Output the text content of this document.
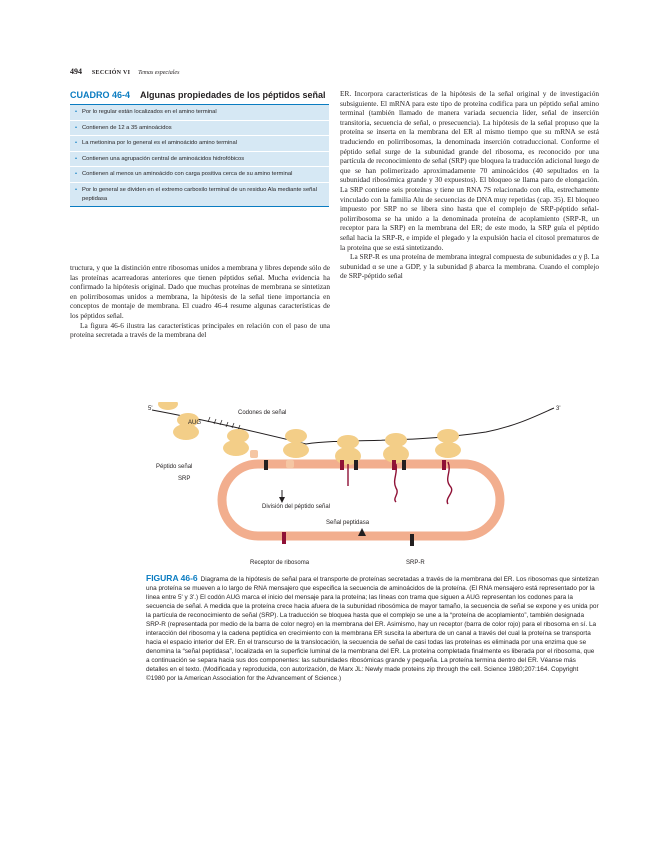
494 SECCIÓN VI Temas especiales
CUADRO 46-4 Algunas propiedades de los péptidos señal
• Por lo regular están localizados en el amino terminal
• Contienen de 12 a 35 aminoácidos
• La metionina por lo general es el aminoácido amino terminal
• Contienen una agrupación central de aminoácidos hidrofóbicos
• Contienen al menos un aminoácido con carga positiva cerca de su amino terminal
• Por lo general se dividen en el extremo carboxilo terminal de un residuo Ala mediante señal peptidasa

tructura, y que la distinción entre ribosomas unidos a membrana y libres depende sólo de las proteínas acarreadoras anteriores que tienen péptidos señal. Mucha evidencia ha confirmado la hipótesis original. Dado que muchas proteínas de membrana se sintetizan en polirribosomas unidos a membrana, la hipótesis de la señal tiene importancia en conceptos de montaje de membrana. El cuadro 46-4 resume algunas características de los péptidos señal.

La figura 46-6 ilustra las características principales en relación con el paso de una proteína secretada a través de la membrana del

ER. Incorpora características de la hipótesis de la señal original y de investigación subsiguiente. El mRNA para este tipo de proteína codifica para un péptido señal amino terminal (también llamado de manera variada secuencia líder, señal de inserción transitoria, secuencia de señal, o presecuencia). La hipótesis de la señal propuso que la proteína se inserta en la membrana del ER al mismo tiempo que su mRNA se está traduciendo en polirribosomas, la denominada inserción cotraduccional. Conforme el péptido señal surge de la subunidad grande del ribosoma, es reconocido por una partícula de reconocimiento de señal (SRP) que bloquea la traducción adicional luego de que se han polimerizado aproximadamente 70 aminoácidos (40 sepultados en la subunidad ribosómica grande y 30 expuestos). El bloqueo se llama paro de elongación. La SRP contiene seis proteínas y tiene un RNA 7S relacionado con ella, estrechamente vinculado con la familia Alu de secuencias de DNA muy repetidas (cap. 35). El bloqueo impuesto por SRP no se libera sino hasta que el complejo de SRP-péptido señal-polirribosoma se ha unido a la denominada proteína de acoplamiento (SRP-R, un receptor para la SRP) en la membrana del ER; de este modo, la SRP guía el péptido señal hacia la SRP-R, e impide el plegado y la expulsión hacia el citosol prematuros de la proteína que se está sintetizando.

La SRP-R es una proteína de membrana integral compuesta de subunidades α y β. La subunidad α se une a GDP, y la subunidad β abarca la membrana. Cuando el complejo de SRP-péptido señal

5'	3'
AUG
Codones de señal
Péptido señal
SRP
División del péptido señal
Señal peptidasa
Receptor de ribosoma	SRP-R
FIGURA 46-6 Diagrama de la hipótesis de señal para el transporte de proteínas secretadas a través de la membrana del ER. Los ribosomas que sintetizan una proteína se mueven a lo largo de RNA mensajero que especifica la secuencia de aminoácidos de la proteína. (El RNA mensajero está representado por la línea entre 5' y 3'.) El codón AUG marca el inicio del mensaje para la proteína; las líneas con trama que siguen a AUG representan los codones para la secuencia de señal. A medida que la proteína crece hacia afuera de la subunidad ribosómica de mayor tamaño, la secuencia de señal se expone y es unida por la partícula de reconocimiento de señal (SRP). La traducción se bloquea hasta que el complejo se une a la “proteína de acoplamiento”, también designada SRP-R (representada por medio de la barra de color negro) en la membrana del ER. Asimismo, hay un receptor (barra de color rojo) para el ribosoma en sí. La interacción del ribosoma y la cadena peptídica en crecimiento con la membrana ER suscita la abertura de un canal a través del cual la proteína se transporta hacia el espacio interior del ER. En el transcurso de la translocación, la secuencia de señal de casi todas las proteínas es eliminada por una enzima que se denomina la “señal peptidasa”, localizada en la superficie luminal de la membrana del ER. La proteína completada finalmente es liberada por el ribosoma, que a continuación se separa hacia sus dos componentes: las subunidades ribosómicas grande y pequeña. La proteína termina dentro del ER. Véanse más detalles en el texto. (Modificada y reproducida, con autorización, de Marx JL: Newly made proteins zip through the cell. Science 1980;207:164. Copyright ©1980 por la American Association for the Advancement of Science.)
